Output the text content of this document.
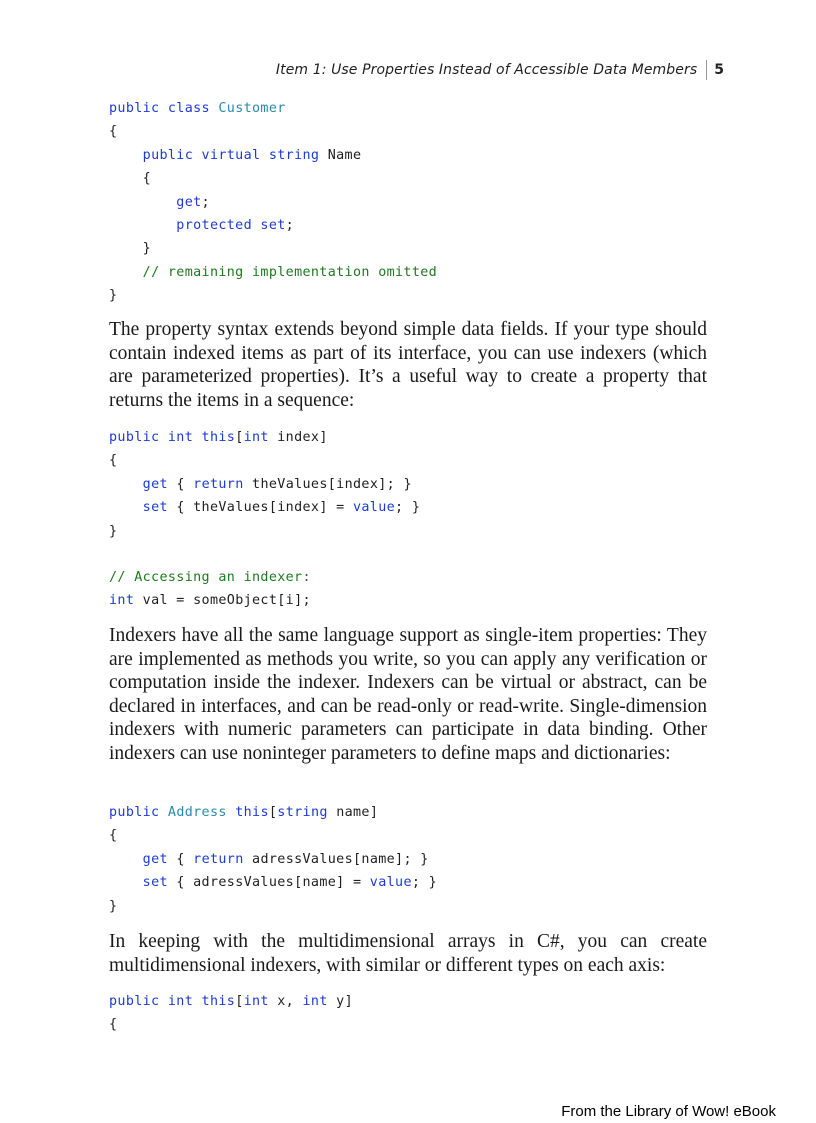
Item 1: Use Properties Instead of Accessible Data Members 5
public class Customer
{
public virtual string Name
{
get;
protected set;
}
// remaining implementation omitted
}

The property syntax extends beyond simple data fields. If your type should contain indexed items as part of its interface, you can use indexers (which are parameterized properties). It’s a useful way to create a property that returns the items in a sequence:

public int this[int index]
{
get { return theValues[index]; }
set { theValues[index] = value; }
}
// Accessing an indexer:
int val = someObject[i];

Indexers have all the same language support as single-item properties: They are implemented as methods you write, so you can apply any verification or computation inside the indexer. Indexers can be virtual or abstract, can be declared in interfaces, and can be read-only or read-write. Single-dimension indexers with numeric parameters can participate in data binding. Other indexers can use noninteger parameters to define maps and dictionaries:

public Address this[string name]
{
get { return adressValues[name]; }
set { adressValues[name] = value; }
}

In keeping with the multidimensional arrays in C#, you can create multidimensional indexers, with similar or different types on each axis:

public int this[int x, int y]
{
From the Library of Wow! eBook
